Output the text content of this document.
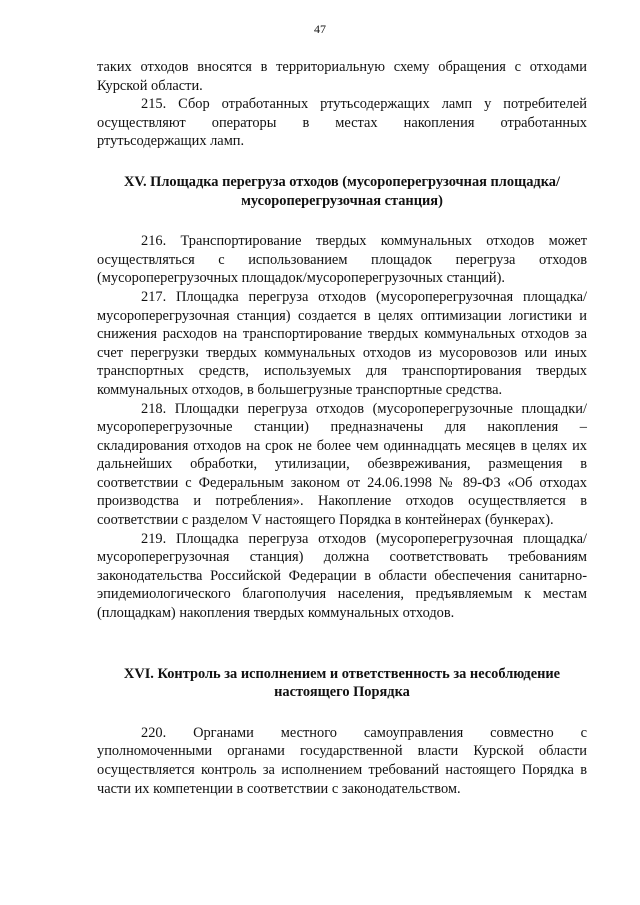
47

таких отходов вносятся в территориальную схему обращения с отходами Курской области.

215. Сбор отработанных ртутьсодержащих ламп у потребителей осуществляют операторы в местах накопления отработанных ртутьсодержащих ламп.

XV. Площадка перегруза отходов (мусороперегрузочная площадка/мусороперегрузочная станция)

216. Транспортирование твердых коммунальных отходов может осуществляться с использованием площадок перегруза отходов (мусороперегрузочных площадок/мусороперегрузочных станций).

217. Площадка перегруза отходов (мусороперегрузочная площадка/мусороперегрузочная станция) создается в целях оптимизации логистики и снижения расходов на транспортирование твердых коммунальных отходов за счет перегрузки твердых коммунальных отходов из мусоровозов или иных транспортных средств, используемых для транспортирования твердых коммунальных отходов, в большегрузные транспортные средства.

218. Площадки перегруза отходов (мусороперегрузочные площадки/мусороперегрузочные станции) предназначены для накопления – складирования отходов на срок не более чем одиннадцать месяцев в целях их дальнейших обработки, утилизации, обезвреживания, размещения в соответствии с Федеральным законом от 24.06.1998 № 89-ФЗ «Об отходах производства и потребления». Накопление отходов осуществляется в соответствии с разделом V настоящего Порядка в контейнерах (бункерах).

219. Площадка перегруза отходов (мусороперегрузочная площадка/мусороперегрузочная станция) должна соответствовать требованиям законодательства Российской Федерации в области обеспечения санитарно-эпидемиологического благополучия населения, предъявляемым к местам (площадкам) накопления твердых коммунальных отходов.

XVI. Контроль за исполнением и ответственность за несоблюдение настоящего Порядка

220. Органами местного самоуправления совместно с уполномоченными органами государственной власти Курской области осуществляется контроль за исполнением требований настоящего Порядка в части их компетенции в соответствии с законодательством.
